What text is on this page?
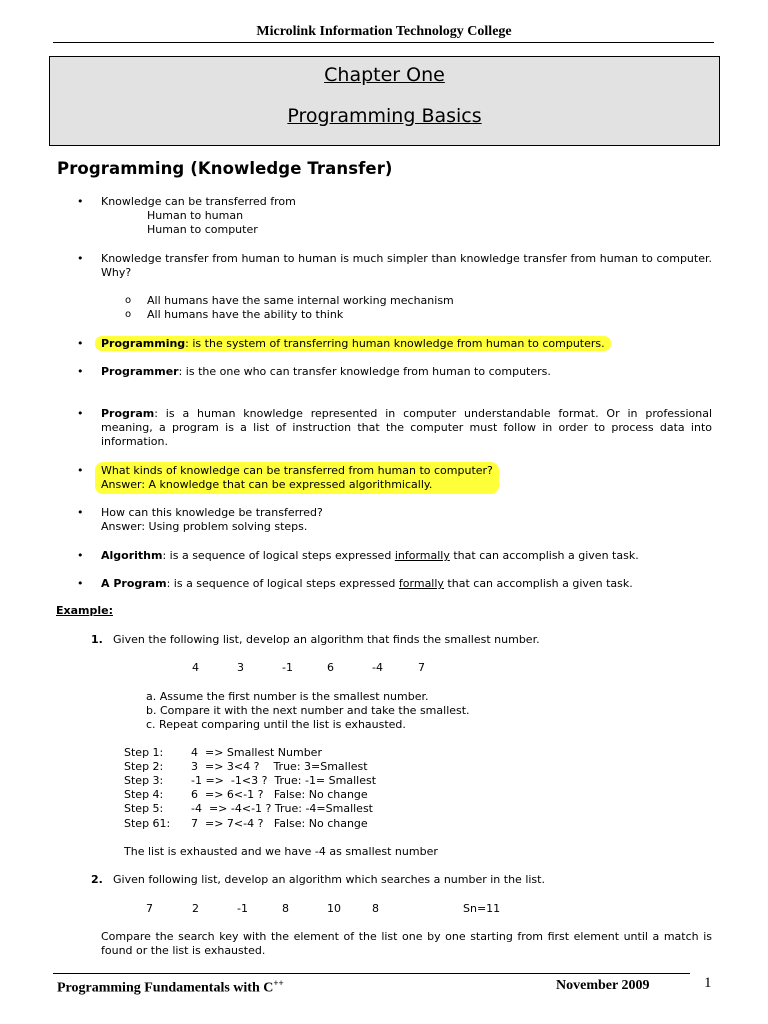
Microlink Information Technology College
Chapter One
Programming Basics
Programming (Knowledge Transfer)
• Knowledge can be transferred from
Human to human
Human to computer
• Knowledge transfer from human to human is much simpler than knowledge transfer from human to computer. Why?
o All humans have the same internal working mechanism
o All humans have the ability to think
• Programming: is the system of transferring human knowledge from human to computers.
• Programmer: is the one who can transfer knowledge from human to computers.
• Program: is a human knowledge represented in computer understandable format. Or in professional meaning, a program is a list of instruction that the computer must follow in order to process data into information.
• What kinds of knowledge can be transferred from human to computer?
Answer: A knowledge that can be expressed algorithmically.
• How can this knowledge be transferred?
Answer: Using problem solving steps.
• Algorithm: is a sequence of logical steps expressed informally that can accomplish a given task.
• A Program: is a sequence of logical steps expressed formally that can accomplish a given task.
Example:
1. Given the following list, develop an algorithm that finds the smallest number.
4	3	-1	6	-4	7
a. Assume the first number is the smallest number.
b. Compare it with the next number and take the smallest.
c. Repeat comparing until the list is exhausted.
Step 1:	4  => Smallest Number
Step 2:	3  => 3<4 ?    True: 3=Smallest
Step 3:	-1 =>  -1<3 ?  True: -1= Smallest
Step 4:	6  => 6<-1 ?   False: No change
Step 5:	-4  => -4<-1 ? True: -4=Smallest
Step 61: 7  => 7<-4 ?   False: No change
The list is exhausted and we have -4 as smallest number
2. Given following list, develop an algorithm which searches a number in the list.
7	2	-1	8	10	8	Sn=11
Compare the search key with the element of the list one by one starting from first element until a match is found or the list is exhausted.
Programming Fundamentals with C++	November 2009	1
